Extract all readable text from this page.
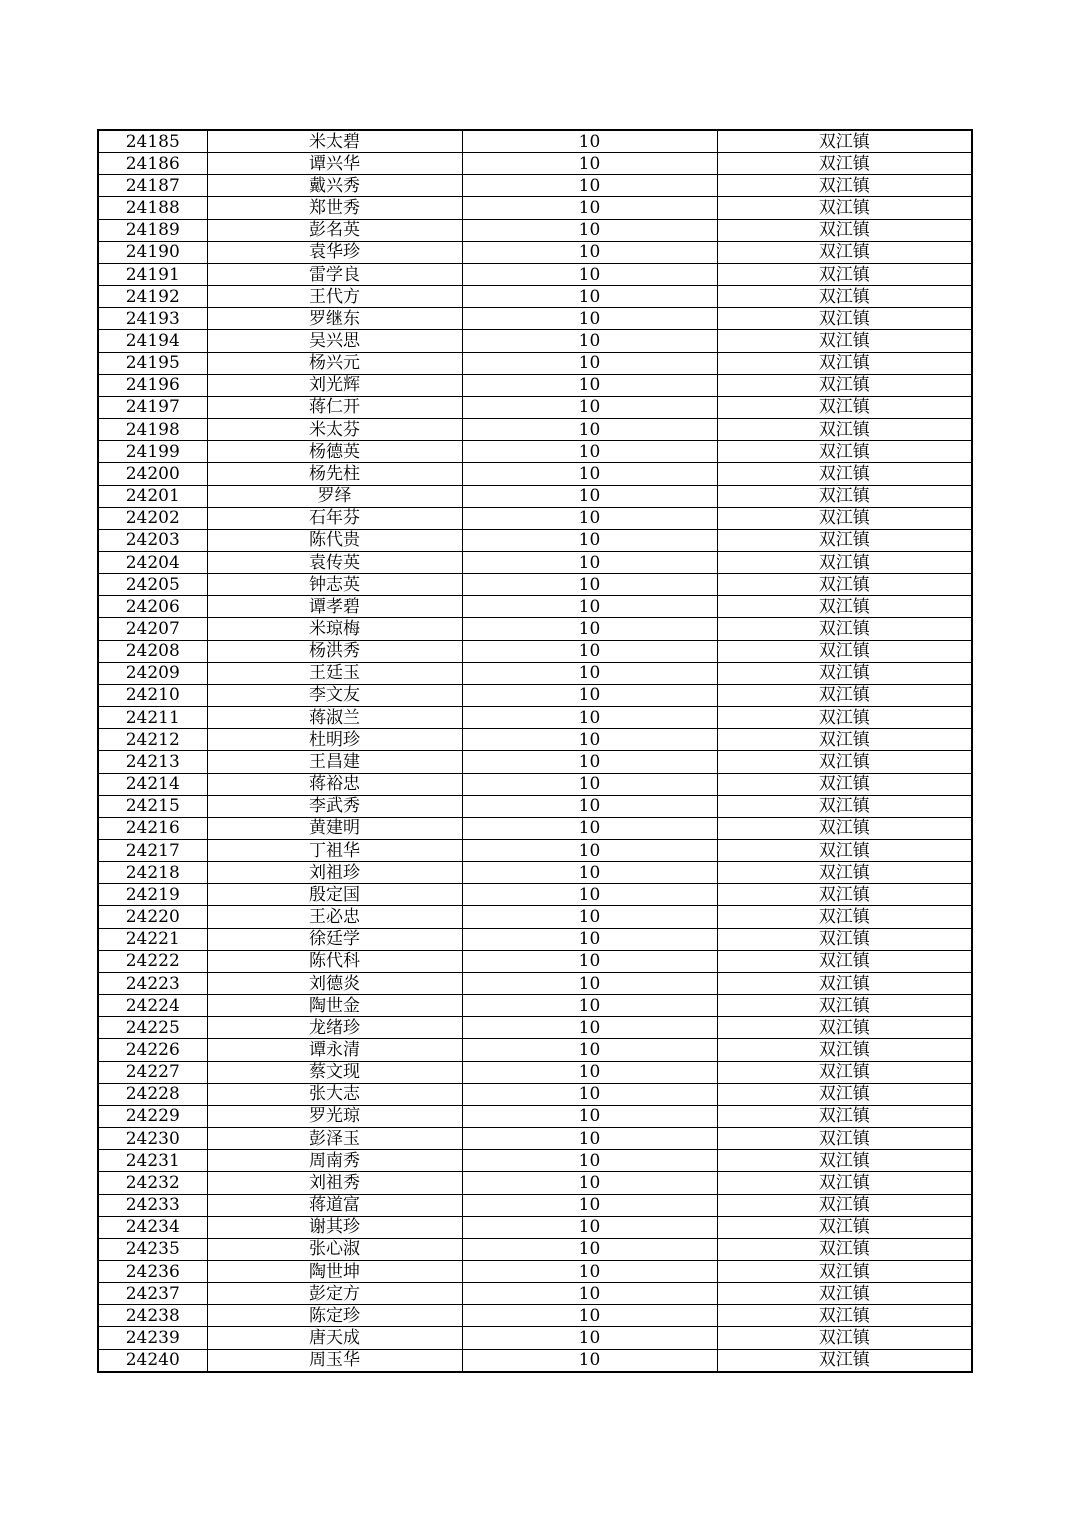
24185	米太碧	10	双江镇
24186	谭兴华	10	双江镇
24187	戴兴秀	10	双江镇
24188	郑世秀	10	双江镇
24189	彭名英	10	双江镇
24190	袁华珍	10	双江镇
24191	雷学良	10	双江镇
24192	王代方	10	双江镇
24193	罗继东	10	双江镇
24194	吴兴思	10	双江镇
24195	杨兴元	10	双江镇
24196	刘光辉	10	双江镇
24197	蒋仁开	10	双江镇
24198	米太芬	10	双江镇
24199	杨德英	10	双江镇
24200	杨先柱	10	双江镇
24201	罗绎	10	双江镇
24202	石年芬	10	双江镇
24203	陈代贵	10	双江镇
24204	袁传英	10	双江镇
24205	钟志英	10	双江镇
24206	谭孝碧	10	双江镇
24207	米琼梅	10	双江镇
24208	杨洪秀	10	双江镇
24209	王廷玉	10	双江镇
24210	李文友	10	双江镇
24211	蒋淑兰	10	双江镇
24212	杜明珍	10	双江镇
24213	王昌建	10	双江镇
24214	蒋裕忠	10	双江镇
24215	李武秀	10	双江镇
24216	黄建明	10	双江镇
24217	丁祖华	10	双江镇
24218	刘祖珍	10	双江镇
24219	殷定国	10	双江镇
24220	王必忠	10	双江镇
24221	徐廷学	10	双江镇
24222	陈代科	10	双江镇
24223	刘德炎	10	双江镇
24224	陶世金	10	双江镇
24225	龙绪珍	10	双江镇
24226	谭永清	10	双江镇
24227	蔡文现	10	双江镇
24228	张大志	10	双江镇
24229	罗光琼	10	双江镇
24230	彭泽玉	10	双江镇
24231	周南秀	10	双江镇
24232	刘祖秀	10	双江镇
24233	蒋道富	10	双江镇
24234	谢其珍	10	双江镇
24235	张心淑	10	双江镇
24236	陶世坤	10	双江镇
24237	彭定方	10	双江镇
24238	陈定珍	10	双江镇
24239	唐天成	10	双江镇
24240	周玉华	10	双江镇
